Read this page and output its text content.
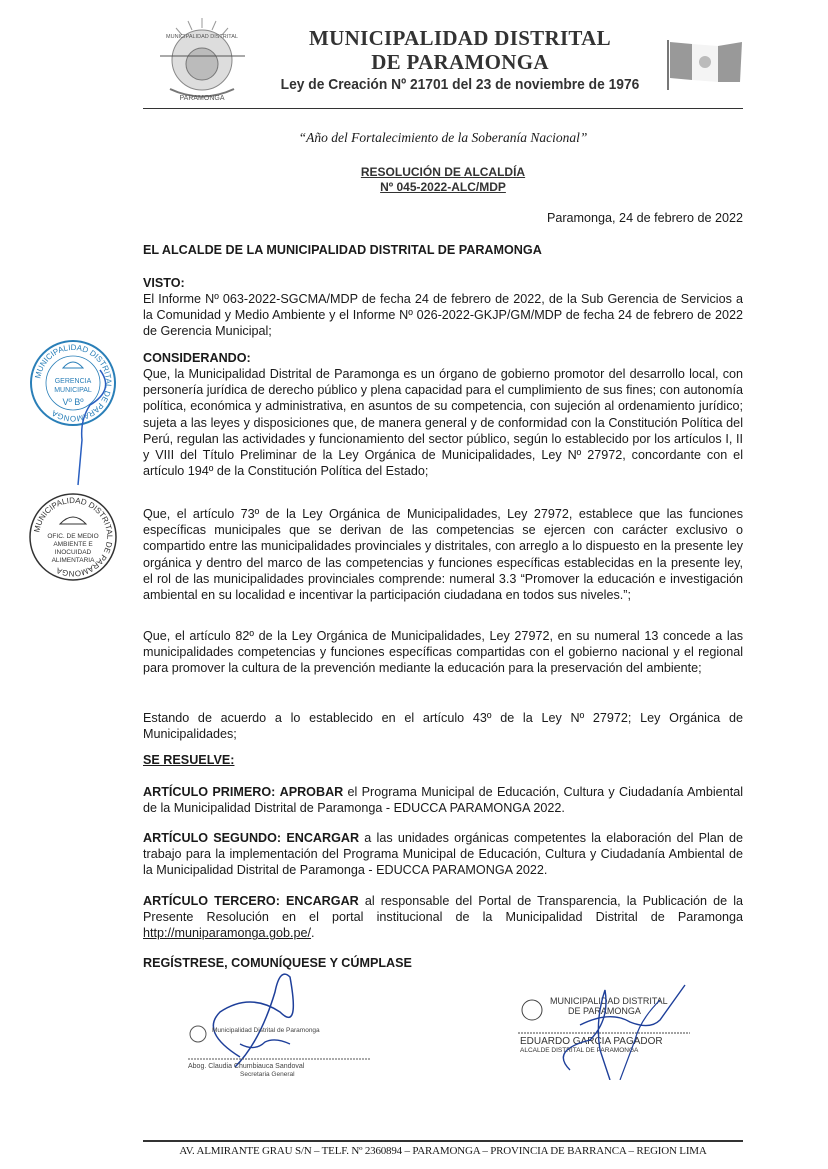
PARAMONGA
MUNICIPALIDAD DISTRITAL	MUNICIPALIDAD DISTRITAL
DE PARAMONGA
Ley de Creación Nº 21701 del 23 de noviembre de 1976
“Año del Fortalecimiento de la Soberanía Nacional”
RESOLUCIÓN DE ALCALDÍA
Nº 045-2022-ALC/MDP
Paramonga, 24 de febrero de 2022
EL ALCALDE DE LA MUNICIPALIDAD DISTRITAL DE PARAMONGA
VISTO:
El Informe Nº 063-2022-SGCMA/MDP de fecha 24 de febrero de 2022, de la Sub Gerencia de Servicios a la Comunidad y Medio Ambiente y el Informe Nº 026-2022-GKJP/GM/MDP de fecha 24 de febrero de 2022 de Gerencia Municipal;
CONSIDERANDO:
Que, la Municipalidad Distrital de Paramonga es un órgano de gobierno promotor del desarrollo local, con personería jurídica de derecho público y plena capacidad para el cumplimiento de sus fines; con autonomía política, económica y administrativa, en asuntos de su competencia, con sujeción al ordenamiento jurídico; sujeta a las leyes y disposiciones que, de manera general y de conformidad con la Constitución Política del Perú, regulan las actividades y funcionamiento del sector público, según lo establecido por los artículos I, II y VIII del Título Preliminar de la Ley Orgánica de Municipalidades, Ley Nº 27972, concordante con el artículo 194º de la Constitución Política del Estado;
Que, el artículo 73º de la Ley Orgánica de Municipalidades, Ley 27972, establece que las funciones específicas municipales que se derivan de las competencias se ejercen con carácter exclusivo o compartido entre las municipalidades provinciales y distritales, con arreglo a lo dispuesto en la presente ley orgánica y dentro del marco de las competencias y funciones específicas establecidas en la presente ley, el rol de las municipalidades provinciales comprende: numeral 3.3 “Promover la educación e investigación ambiental en su localidad e incentivar la participación ciudadana en todos sus niveles.”;
Que, el artículo 82º de la Ley Orgánica de Municipalidades, Ley 27972, en su numeral 13 concede a las municipalidades competencias y funciones específicas compartidas con el gobierno nacional y el regional para promover la cultura de la prevención mediante la educación para la preservación del ambiente;
Estando de acuerdo a lo establecido en el artículo 43º de la Ley Nº 27972; Ley Orgánica de Municipalidades;
SE RESUELVE:
ARTÍCULO PRIMERO: APROBAR el Programa Municipal de Educación, Cultura y Ciudadanía Ambiental de la Municipalidad Distrital de Paramonga - EDUCCA PARAMONGA 2022.
ARTÍCULO SEGUNDO: ENCARGAR a las unidades orgánicas competentes la elaboración del Plan de trabajo para la implementación del Programa Municipal de Educación, Cultura y Ciudadanía Ambiental de la Municipalidad Distrital de Paramonga - EDUCCA PARAMONGA 2022.
ARTÍCULO TERCERO: ENCARGAR al responsable del Portal de Transparencia, la Publicación de la Presente Resolución en el portal institucional de la Municipalidad Distrital de Paramonga http://muniparamonga.gob.pe/.
REGÍSTRESE, COMUNÍQUESE Y CÚMPLASE
MUNICIPALIDAD DISTRITAL DE PARAMONGA
GERENCIA
MUNICIPAL
Vº Bº
MUNICIPALIDAD DISTRITAL DE PARAMONGA
OFIC. DE MEDIO
AMBIENTE E
INOCUIDAD
ALIMENTARIA
Municipalidad Distrital de Paramonga
Abog. Claudia Chumbiauca Sandoval
Secretaria General
MUNICIPALIDAD DISTRITAL
DE PARAMONGA
EDUARDO GARCIA PAGADOR
ALCALDE DISTRITAL DE PARAMONGA
AV. ALMIRANTE GRAU S/N – TELF. Nº 2360894 – PARAMONGA – PROVINCIA DE BARRANCA – REGION LIMA
